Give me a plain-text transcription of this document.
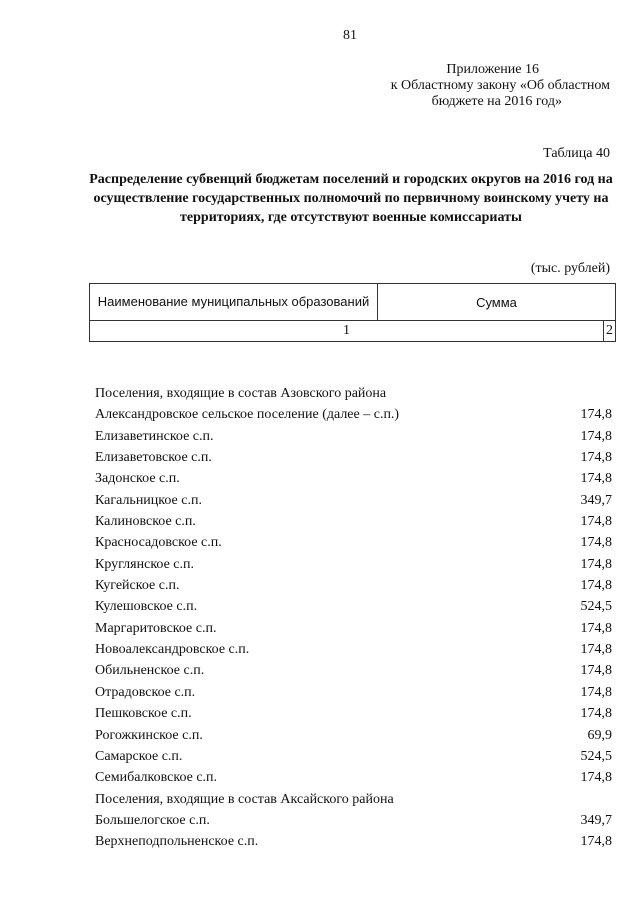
81
Приложение 16
к Областному закону «Об областном
бюджете на 2016 год»
Таблица 40
Распределение субвенций бюджетам поселений и городских округов на 2016 год на осуществление государственных полномочий по первичному воинскому учету на территориях, где отсутствуют военные комиссариаты
(тыс. рублей)
Наименование муниципальных образований	Сумма	
1		2
Поселения, входящие в состав Азовского района
Александровское сельское поселение (далее – с.п.)	174,8
Елизаветинское с.п.	174,8
Елизаветовское с.п.	174,8
Задонское с.п.	174,8
Кагальницкое с.п.	349,7
Калиновское с.п.	174,8
Красносадовское с.п.	174,8
Круглянское с.п.	174,8
Кугейское с.п.	174,8
Кулешовское с.п.	524,5
Маргаритовское с.п.	174,8
Новоалександровское с.п.	174,8
Обильненское с.п.	174,8
Отрадовское с.п.	174,8
Пешковское с.п.	174,8
Рогожкинское с.п.	69,9
Самарское с.п.	524,5
Семибалковское с.п.	174,8
Поселения, входящие в состав Аксайского района
Большелогское с.п.	349,7
Верхнеподпольненское с.п.	174,8
